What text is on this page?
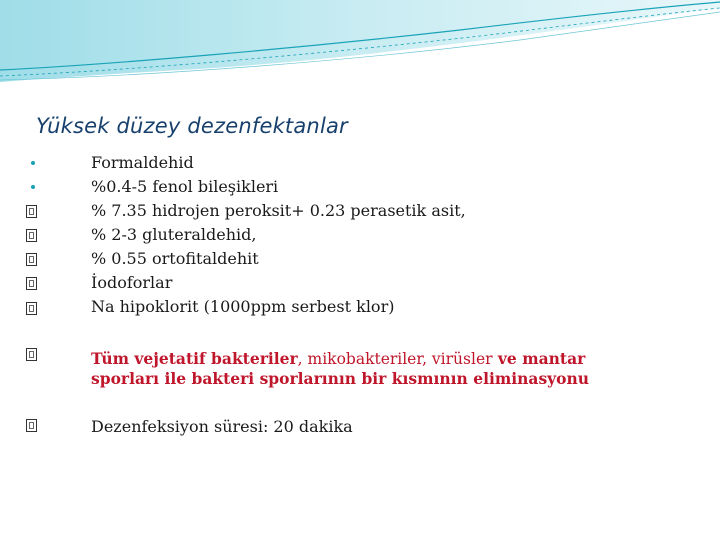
Yüksek düzey dezenfektanlar
Formaldehid
%0.4-5 fenol bileşikleri
% 7.35 hidrojen peroksit+ 0.23 perasetik asit,
% 2-3 gluteraldehid,
% 0.55 ortofitaldehit
İodoforlar
Na hipoklorit (1000ppm serbest klor)
Tüm vejetatif bakteriler, mikobakteriler, virüsler ve mantar
sporları ile bakteri sporlarının bir kısmının eliminasyonu
Dezenfeksiyon süresi: 20 dakika
